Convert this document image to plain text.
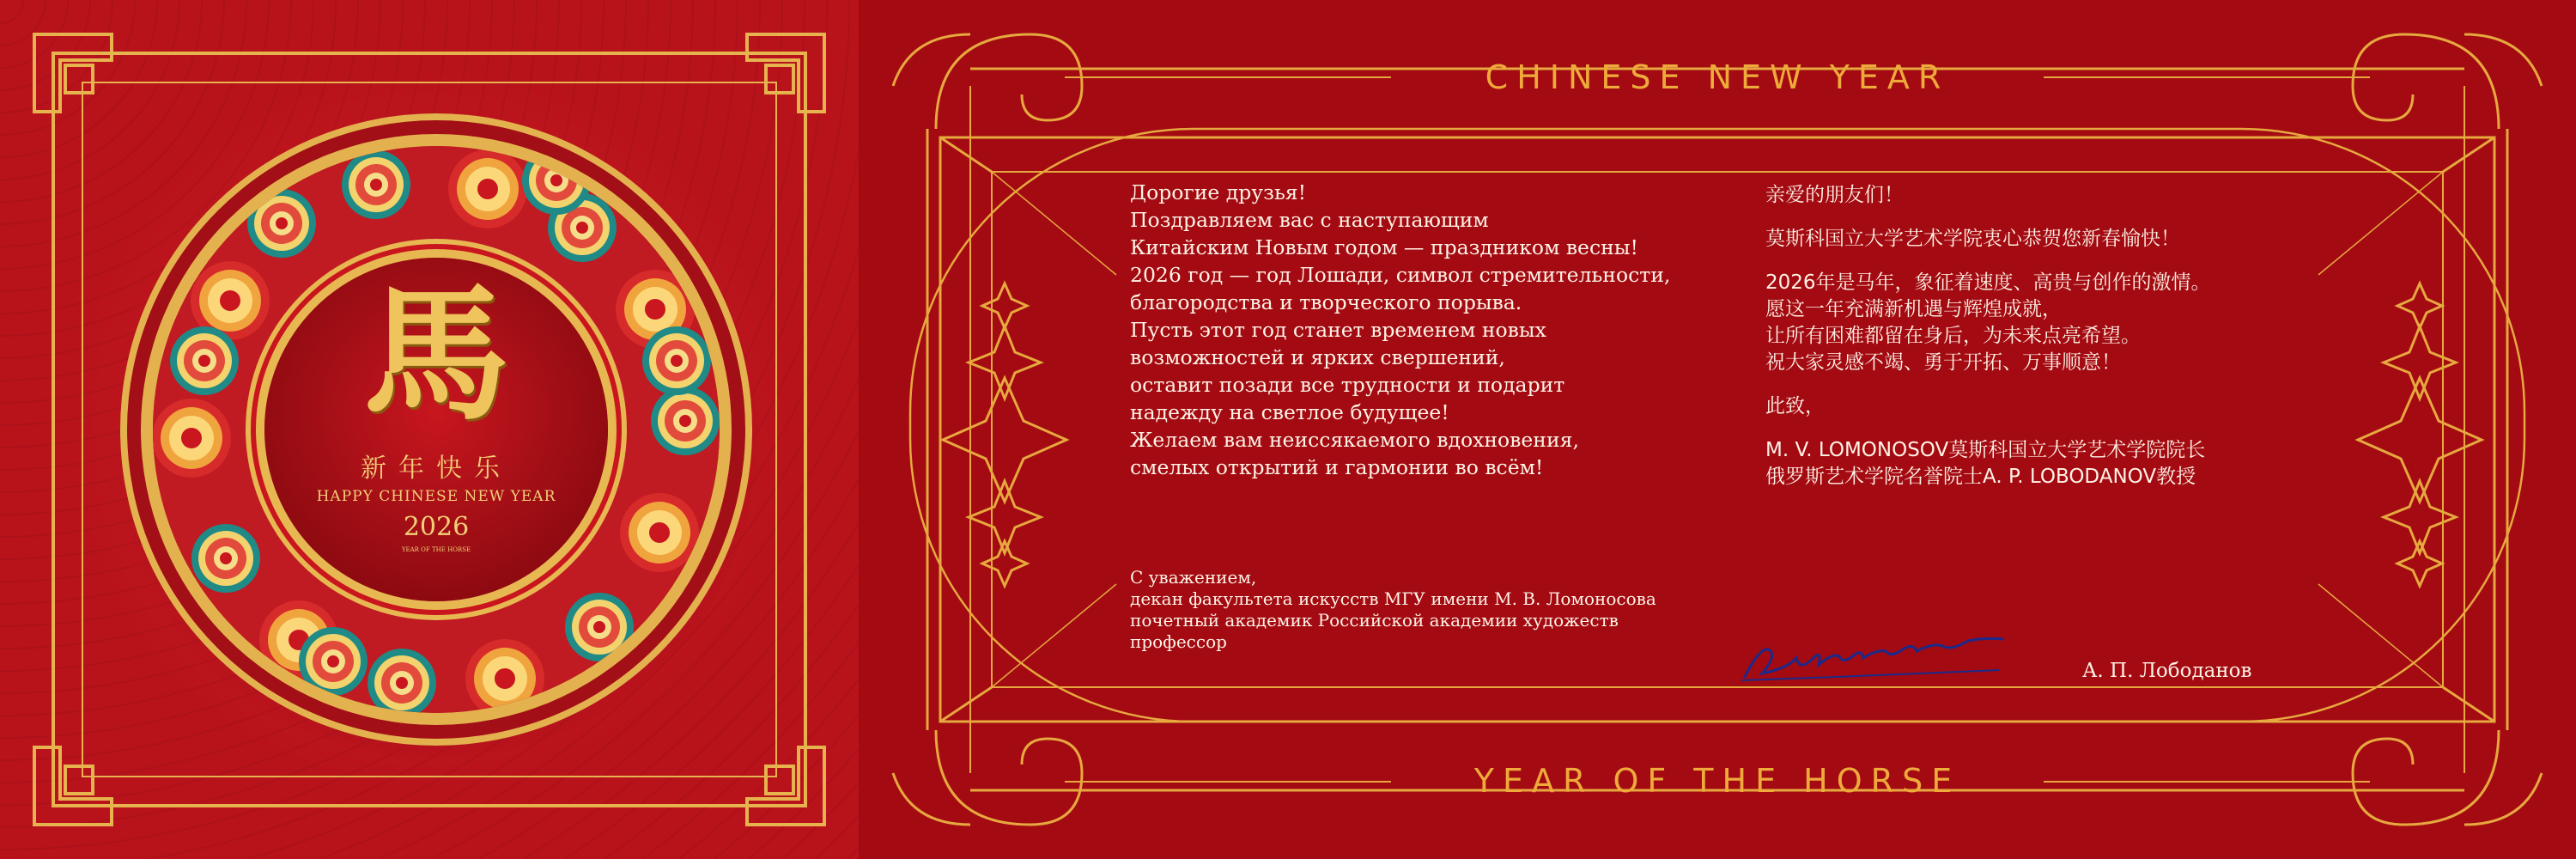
馬
新年快乐
HAPPY CHINESE NEW YEAR
2026
YEAR OF THE HORSE
CHINESE NEW YEAR
YEAR OF THE HORSE
Дорогие друзья!
Поздравляем вас с наступающим
Китайским Новым годом — праздником весны!
2026 год — год Лошади, символ стремительности,
благородства и творческого порыва.
Пусть этот год станет временем новых
возможностей и ярких свершений,
оставит позади все трудности и подарит
надежду на светлое будущее!
Желаем вам неиссякаемого вдохновения,
смелых открытий и гармонии во всём!
С уважением,
декан факультета искусств МГУ имени М. В. Ломоносова
почетный академик Российской академии художеств
профессор
А. П. Лободанов
亲爱的朋友们！
莫斯科国立大学艺术学院衷心恭贺您新春愉快！
2026年是马年，象征着速度、高贵与创作的激情。
愿这一年充满新机遇与辉煌成就，
让所有困难都留在身后，为未来点亮希望。
祝大家灵感不竭、勇于开拓、万事顺意！
此致，
M. V. LOMONOSOV莫斯科国立大学艺术学院院长
俄罗斯艺术学院名誉院士A. P. LOBODANOV教授
